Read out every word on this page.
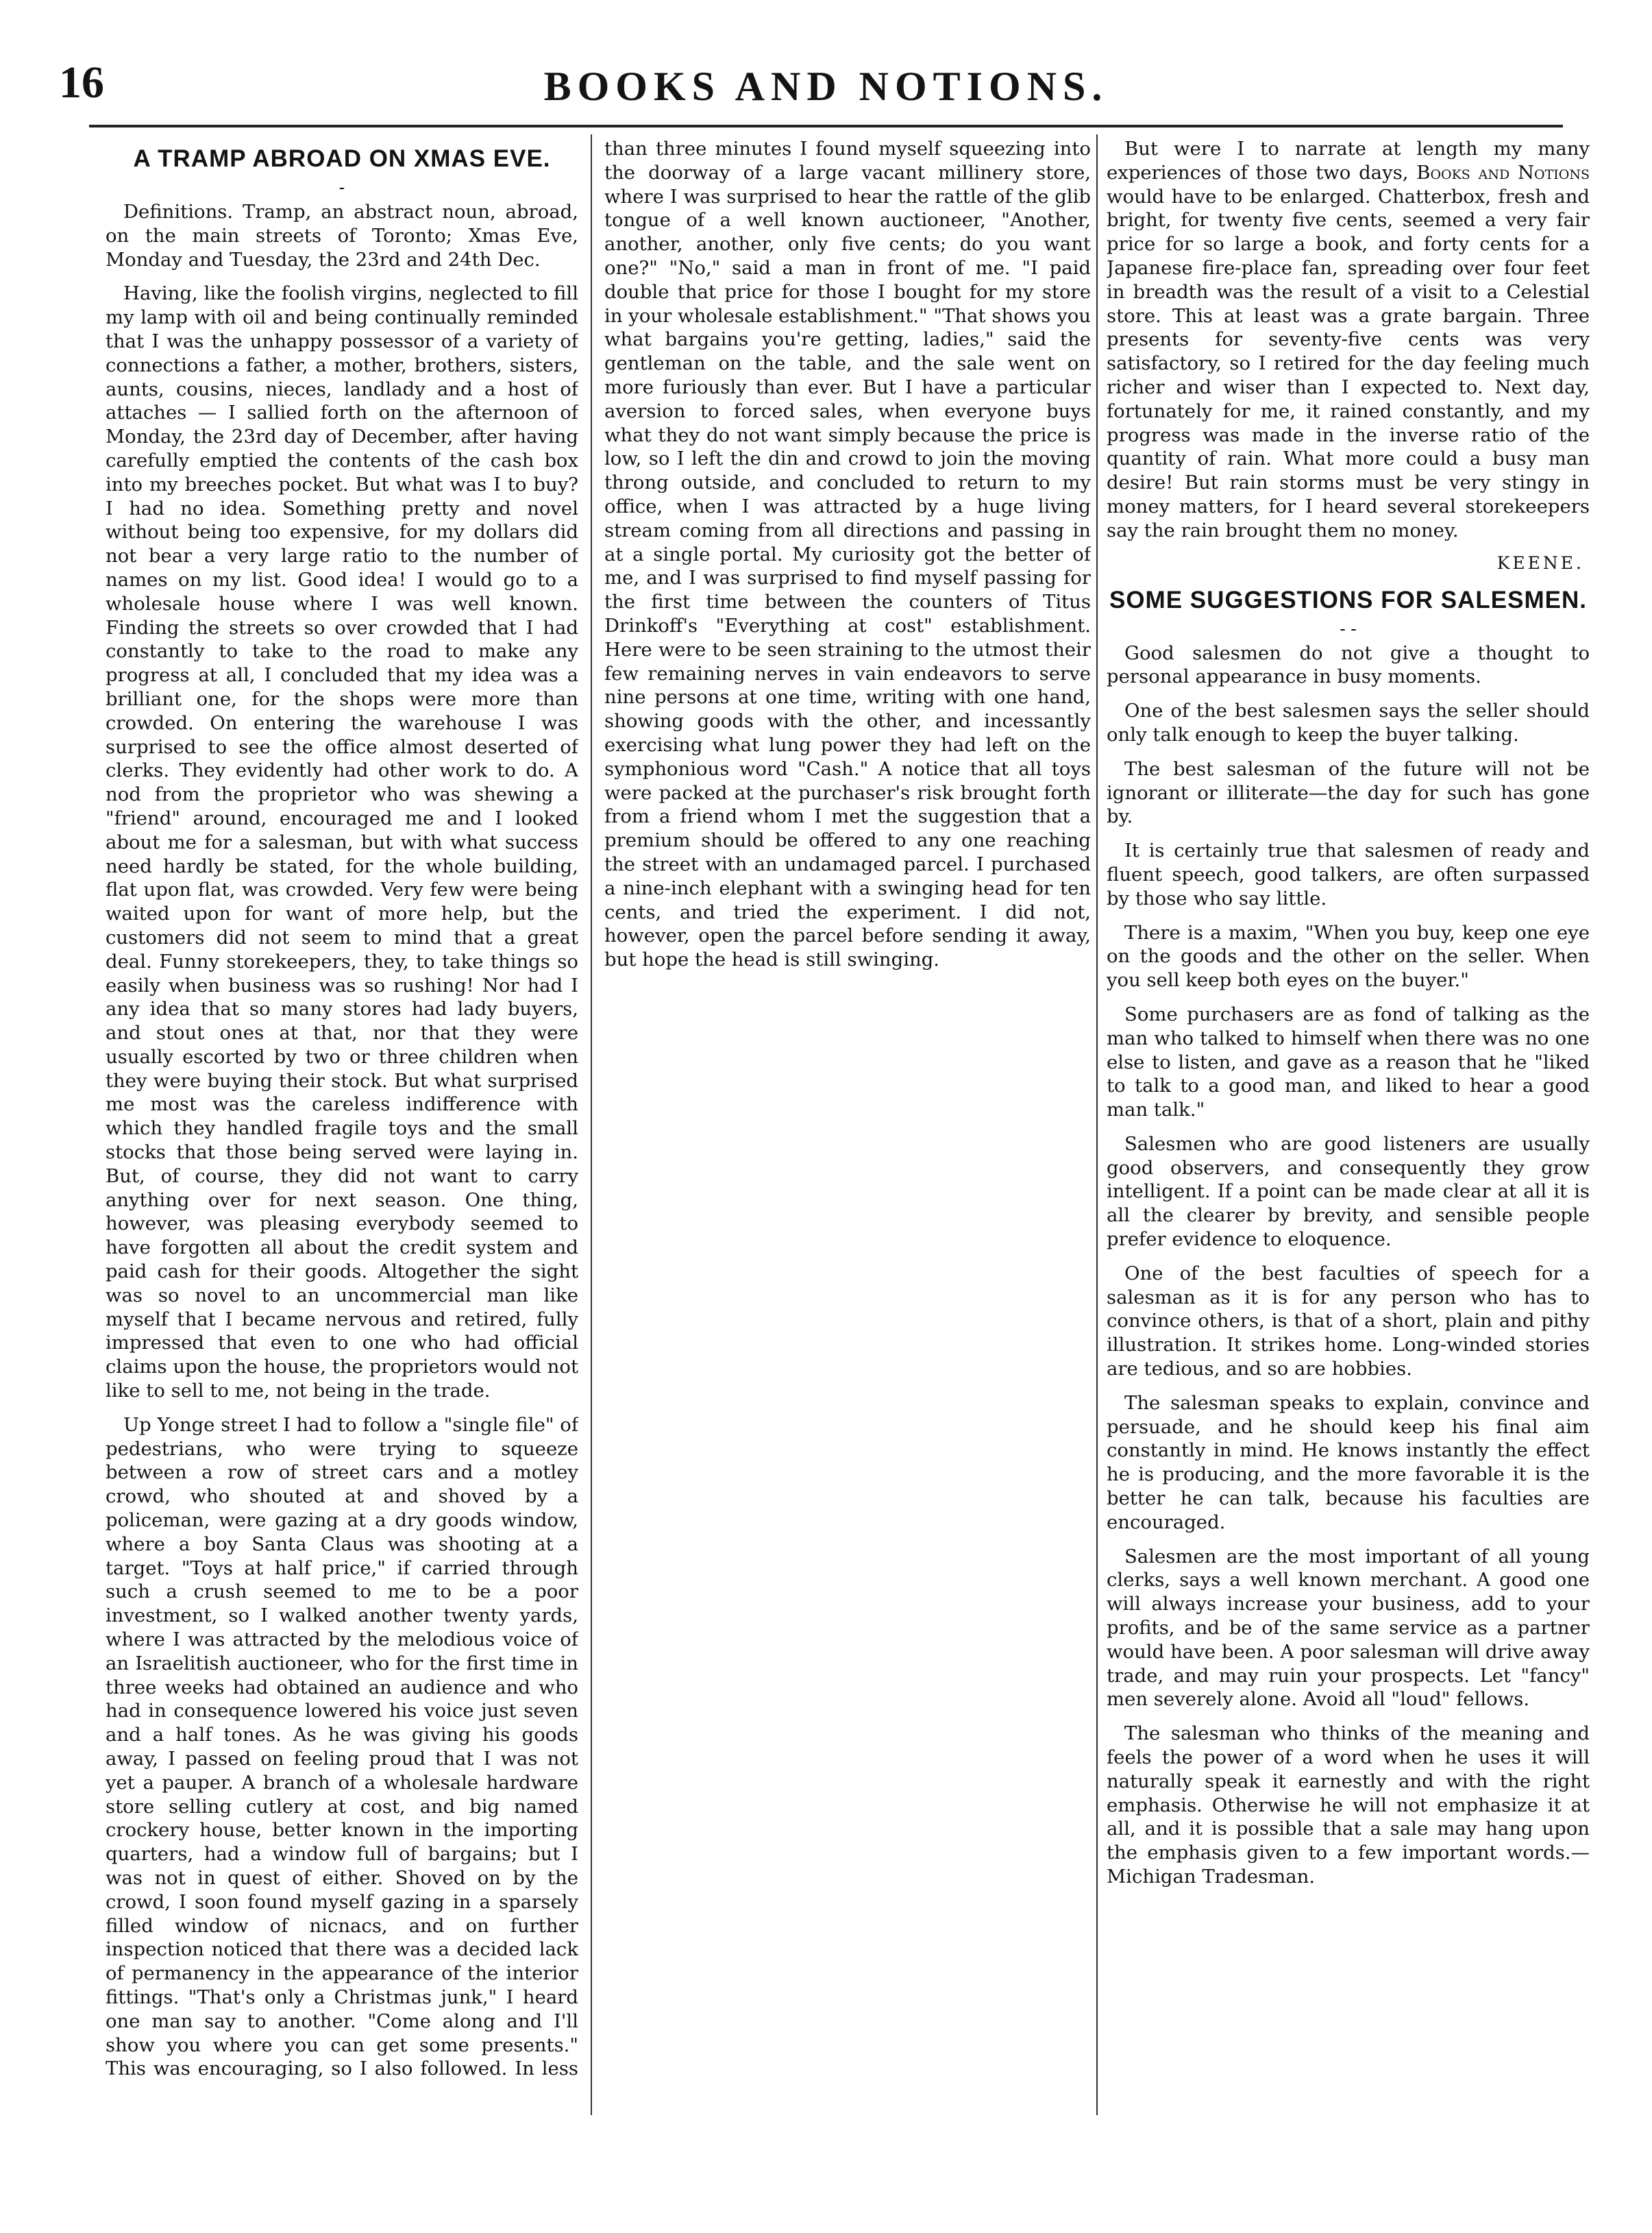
16	BOOKS AND NOTIONS.
A TRAMP ABROAD ON XMAS EVE.
-

Definitions. Tramp, an abstract noun, abroad, on the main streets of Toronto; Xmas Eve, Monday and Tuesday, the 23rd and 24th Dec.

Having, like the foolish virgins, neglected to fill my lamp with oil and being continually reminded that I was the unhappy possessor of a variety of connections a father, a mother, brothers, sisters, aunts, cousins, nieces, landlady and a host of attaches — I sallied forth on the afternoon of Monday, the 23rd day of December, after having carefully emptied the contents of the cash box into my breeches pocket. But what was I to buy? I had no idea. Something pretty and novel without being too expensive, for my dollars did not bear a very large ratio to the number of names on my list. Good idea! I would go to a wholesale house where I was well known. Finding the streets so over crowded that I had constantly to take to the road to make any progress at all, I concluded that my idea was a brilliant one, for the shops were more than crowded. On entering the warehouse I was surprised to see the office almost deserted of clerks. They evidently had other work to do. A nod from the proprietor who was shewing a "friend" around, encouraged me and I looked about me for a salesman, but with what success need hardly be stated, for the whole building, flat upon flat, was crowded. Very few were being waited upon for want of more help, but the customers did not seem to mind that a great deal. Funny storekeepers, they, to take things so easily when business was so rushing! Nor had I any idea that so many stores had lady buyers, and stout ones at that, nor that they were usually escorted by two or three children when they were buying their stock. But what surprised me most was the careless indifference with which they handled fragile toys and the small stocks that those being served were laying in. But, of course, they did not want to carry anything over for next season. One thing, however, was pleasing everybody seemed to have forgotten all about the credit system and paid cash for their goods. Altogether the sight was so novel to an uncommercial man like myself that I became nervous and retired, fully impressed that even to one who had official claims upon the house, the proprietors would not like to sell to me, not being in the trade.

Up Yonge street I had to follow a "single file" of pedestrians, who were trying to squeeze between a row of street cars and a motley crowd, who shouted at and shoved by a policeman, were gazing at a dry goods window, where a boy Santa Claus was shooting at a target. "Toys at half price," if carried through such a crush seemed to me to be a poor investment, so I walked another twenty yards, where I was attracted by the melodious voice of an Israelitish auctioneer, who for the first time in three weeks had obtained an audience and who had in consequence lowered his voice just seven and a half tones. As he was giving his goods away, I passed on feeling proud that I was not yet a pauper. A branch of a wholesale hardware store selling cutlery at cost, and big named crockery house, better known in the importing quarters, had a window full of bargains; but I was not in quest of either. Shoved on by the crowd, I soon found myself gazing in a sparsely filled window of nicnacs, and on further inspection noticed that there was a decided lack of permanency in the appearance of the interior fittings. "That's only a Christmas junk," I heard one man say to another. "Come along and I'll show you where you can get some presents." This was encouraging, so I also followed. In less

than three minutes I found myself squeezing into the doorway of a large vacant millinery store, where I was surprised to hear the rattle of the glib tongue of a well known auctioneer, "Another, another, another, only five cents; do you want one?" "No," said a man in front of me. "I paid double that price for those I bought for my store in your wholesale establishment." "That shows you what bargains you're getting, ladies," said the gentleman on the table, and the sale went on more furiously than ever. But I have a particular aversion to forced sales, when everyone buys what they do not want simply because the price is low, so I left the din and crowd to join the moving throng outside, and concluded to return to my office, when I was attracted by a huge living stream coming from all directions and passing in at a single portal. My curiosity got the better of me, and I was surprised to find myself passing for the first time between the counters of Titus Drinkoff's "Everything at cost" establishment. Here were to be seen straining to the utmost their few remaining nerves in vain endeavors to serve nine persons at one time, writing with one hand, showing goods with the other, and incessantly exercising what lung power they had left on the symphonious word "Cash." A notice that all toys were packed at the purchaser's risk brought forth from a friend whom I met the suggestion that a premium should be offered to any one reaching the street with an undamaged parcel. I purchased a nine-inch elephant with a swinging head for ten cents, and tried the experiment. I did not, however, open the parcel before sending it away, but hope the head is still swinging.

But were I to narrate at length my many experiences of those two days, Books and Notions would have to be enlarged. Chatterbox, fresh and bright, for twenty five cents, seemed a very fair price for so large a book, and forty cents for a Japanese fire-place fan, spreading over four feet in breadth was the result of a visit to a Celestial store. This at least was a grate bargain. Three presents for seventy-five cents was very satisfactory, so I retired for the day feeling much richer and wiser than I expected to. Next day, fortunately for me, it rained constantly, and my progress was made in the inverse ratio of the quantity of rain. What more could a busy man desire! But rain storms must be very stingy in money matters, for I heard several storekeepers say the rain brought them no money.

KEENE.
SOME SUGGESTIONS FOR SALESMEN.
- -

Good salesmen do not give a thought to personal appearance in busy moments.

One of the best salesmen says the seller should only talk enough to keep the buyer talking.

The best salesman of the future will not be ignorant or illiterate—the day for such has gone by.

It is certainly true that salesmen of ready and fluent speech, good talkers, are often surpassed by those who say little.

There is a maxim, "When you buy, keep one eye on the goods and the other on the seller. When you sell keep both eyes on the buyer."

Some purchasers are as fond of talking as the man who talked to himself when there was no one else to listen, and gave as a reason that he "liked to talk to a good man, and liked to hear a good man talk."

Salesmen who are good listeners are usually good observers, and consequently they grow intelligent. If a point can be made clear at all it is all the clearer by brevity, and sensible people prefer evidence to eloquence.

One of the best faculties of speech for a salesman as it is for any person who has to convince others, is that of a short, plain and pithy illustration. It strikes home. Long-winded stories are tedious, and so are hobbies.

The salesman speaks to explain, convince and persuade, and he should keep his final aim constantly in mind. He knows instantly the effect he is producing, and the more favorable it is the better he can talk, because his faculties are encouraged.

Salesmen are the most important of all young clerks, says a well known merchant. A good one will always increase your business, add to your profits, and be of the same service as a partner would have been. A poor salesman will drive away trade, and may ruin your prospects. Let "fancy" men severely alone. Avoid all "loud" fellows.

The salesman who thinks of the meaning and feels the power of a word when he uses it will naturally speak it earnestly and with the right emphasis. Otherwise he will not emphasize it at all, and it is possible that a sale may hang upon the emphasis given to a few important words.—Michigan Tradesman.
